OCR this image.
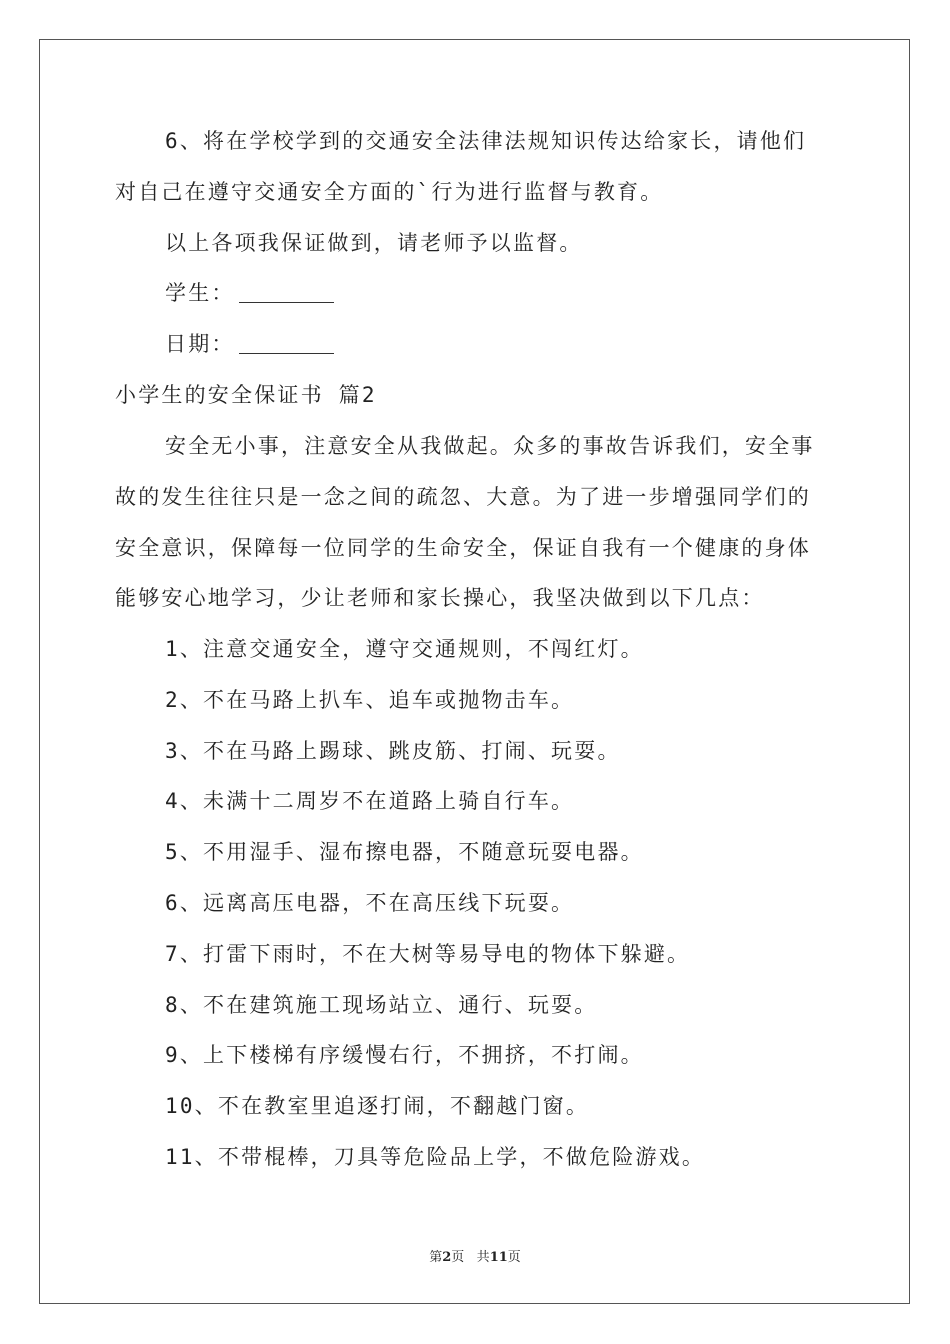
6、将在学校学到的交通安全法律法规知识传达给家长，请他们
对自己在遵守交通安全方面的`行为进行监督与教育。
以上各项我保证做到，请老师予以监督。
学生：
日期：
小学生的安全保证书 篇2
安全无小事，注意安全从我做起。众多的事故告诉我们，安全事
故的发生往往只是一念之间的疏忽、大意。为了进一步增强同学们的
安全意识，保障每一位同学的生命安全，保证自我有一个健康的身体
能够安心地学习，少让老师和家长操心，我坚决做到以下几点：
1、注意交通安全，遵守交通规则，不闯红灯。
2、不在马路上扒车、追车或抛物击车。
3、不在马路上踢球、跳皮筋、打闹、玩耍。
4、未满十二周岁不在道路上骑自行车。
5、不用湿手、湿布擦电器，不随意玩耍电器。
6、远离高压电器，不在高压线下玩耍。
7、打雷下雨时，不在大树等易导电的物体下躲避。
8、不在建筑施工现场站立、通行、玩耍。
9、上下楼梯有序缓慢右行，不拥挤，不打闹。
10、不在教室里追逐打闹，不翻越门窗。
11、不带棍棒，刀具等危险品上学，不做危险游戏。
第2页 共11页
